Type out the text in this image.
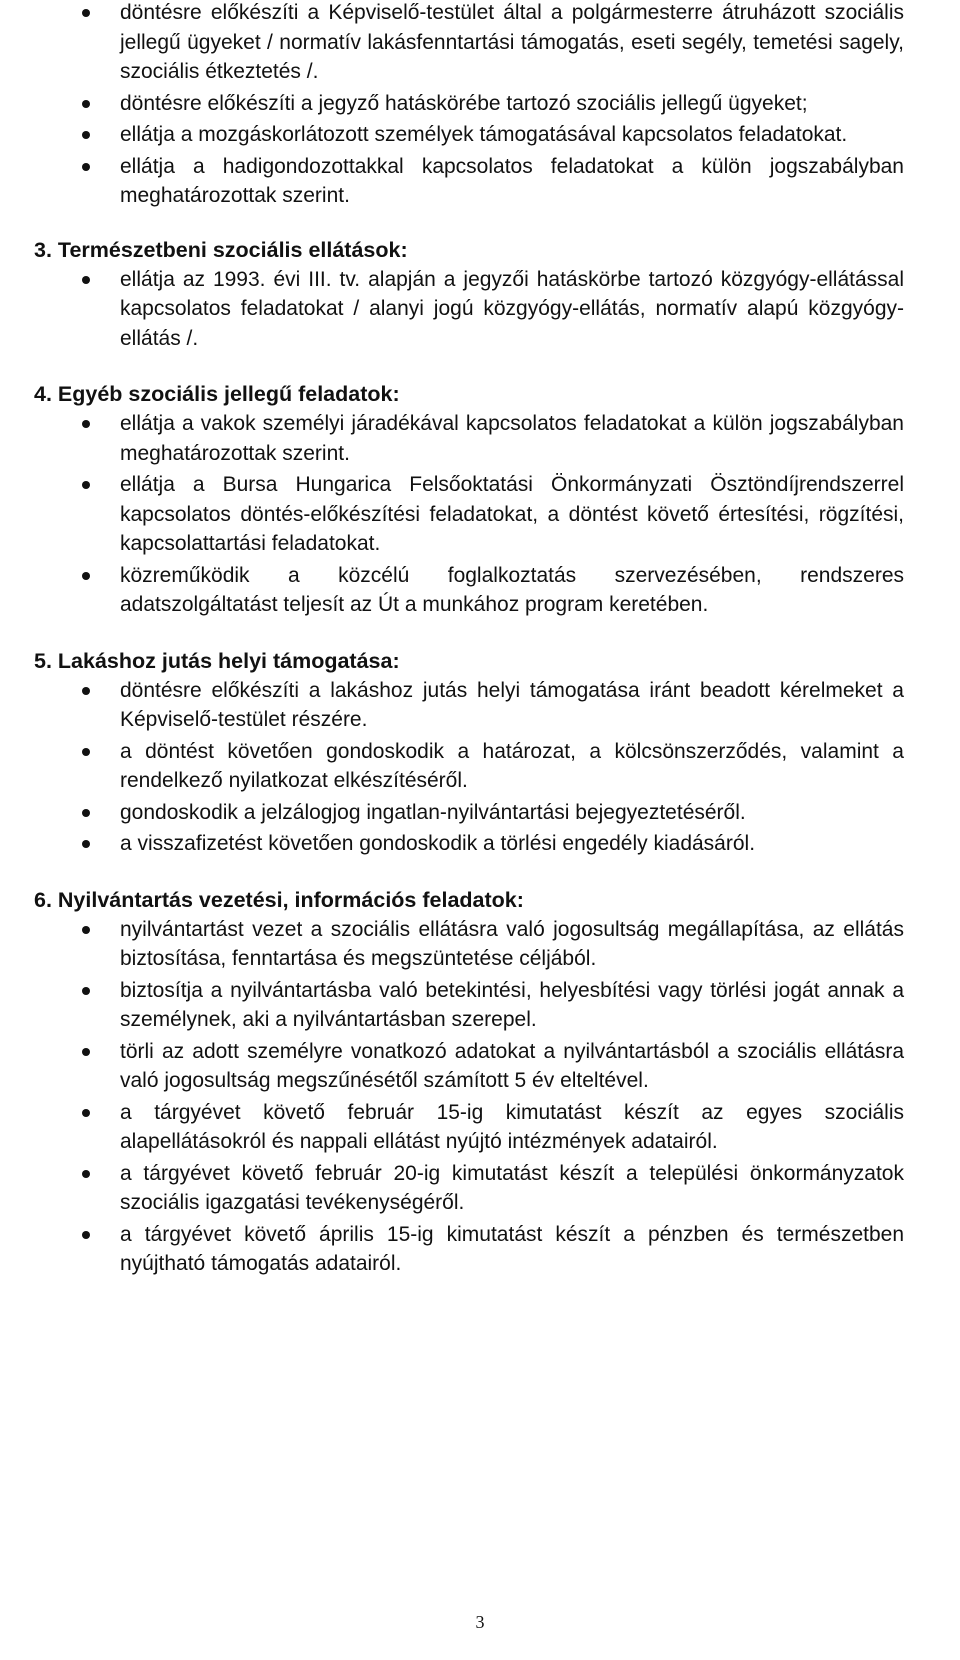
döntésre előkészíti a Képviselő-testület által a polgármesterre átruházott szociális jellegű ügyeket / normatív lakásfenntartási támogatás, eseti segély, temetési sagely, szociális étkeztetés /.
döntésre előkészíti a jegyző hatáskörébe tartozó szociális jellegű ügyeket;
ellátja a mozgáskorlátozott személyek támogatásával kapcsolatos feladatokat.
ellátja a hadigondozottakkal kapcsolatos feladatokat a külön jogszabályban meghatározottak szerint.
3. Természetbeni szociális ellátások:
ellátja az 1993. évi III. tv. alapján a jegyzői hatáskörbe tartozó közgyógy-ellátással kapcsolatos feladatokat / alanyi jogú közgyógy-ellátás, normatív alapú közgyógy-ellátás /.
4. Egyéb szociális jellegű feladatok:
ellátja a vakok személyi járadékával kapcsolatos feladatokat a külön jogszabályban meghatározottak szerint.
ellátja a Bursa Hungarica Felsőoktatási Önkormányzati Ösztöndíjrendszerrel kapcsolatos döntés-előkészítési feladatokat, a döntést követő értesítési, rögzítési, kapcsolattartási feladatokat.
közreműködik a közcélú foglalkoztatás szervezésében, rendszeres adatszolgáltatást teljesít az Út a munkához program keretében.
5. Lakáshoz jutás helyi támogatása:
döntésre előkészíti a lakáshoz jutás helyi támogatása iránt beadott kérelmeket a Képviselő-testület részére.
a döntést követően gondoskodik a határozat, a kölcsönszerződés, valamint a rendelkező nyilatkozat elkészítéséről.
gondoskodik a jelzálogjog ingatlan-nyilvántartási bejegyeztetéséről.
a visszafizetést követően gondoskodik a törlési engedély kiadásáról.
6. Nyilvántartás vezetési, információs feladatok:
nyilvántartást vezet a szociális ellátásra való jogosultság megállapítása, az ellátás biztosítása, fenntartása és megszüntetése céljából.
biztosítja a nyilvántartásba való betekintési, helyesbítési vagy törlési jogát annak a személynek, aki a nyilvántartásban szerepel.
törli az adott személyre vonatkozó adatokat a nyilvántartásból a szociális ellátásra való jogosultság megszűnésétől számított 5 év elteltével.
a tárgyévet követő február 15-ig kimutatást készít az egyes szociális alapellátásokról és nappali ellátást nyújtó intézmények adatairól.
a tárgyévet követő február 20-ig kimutatást készít a települési önkormányzatok szociális igazgatási tevékenységéről.
a tárgyévet követő április 15-ig kimutatást készít a pénzben és természetben nyújtható támogatás adatairól.
3
